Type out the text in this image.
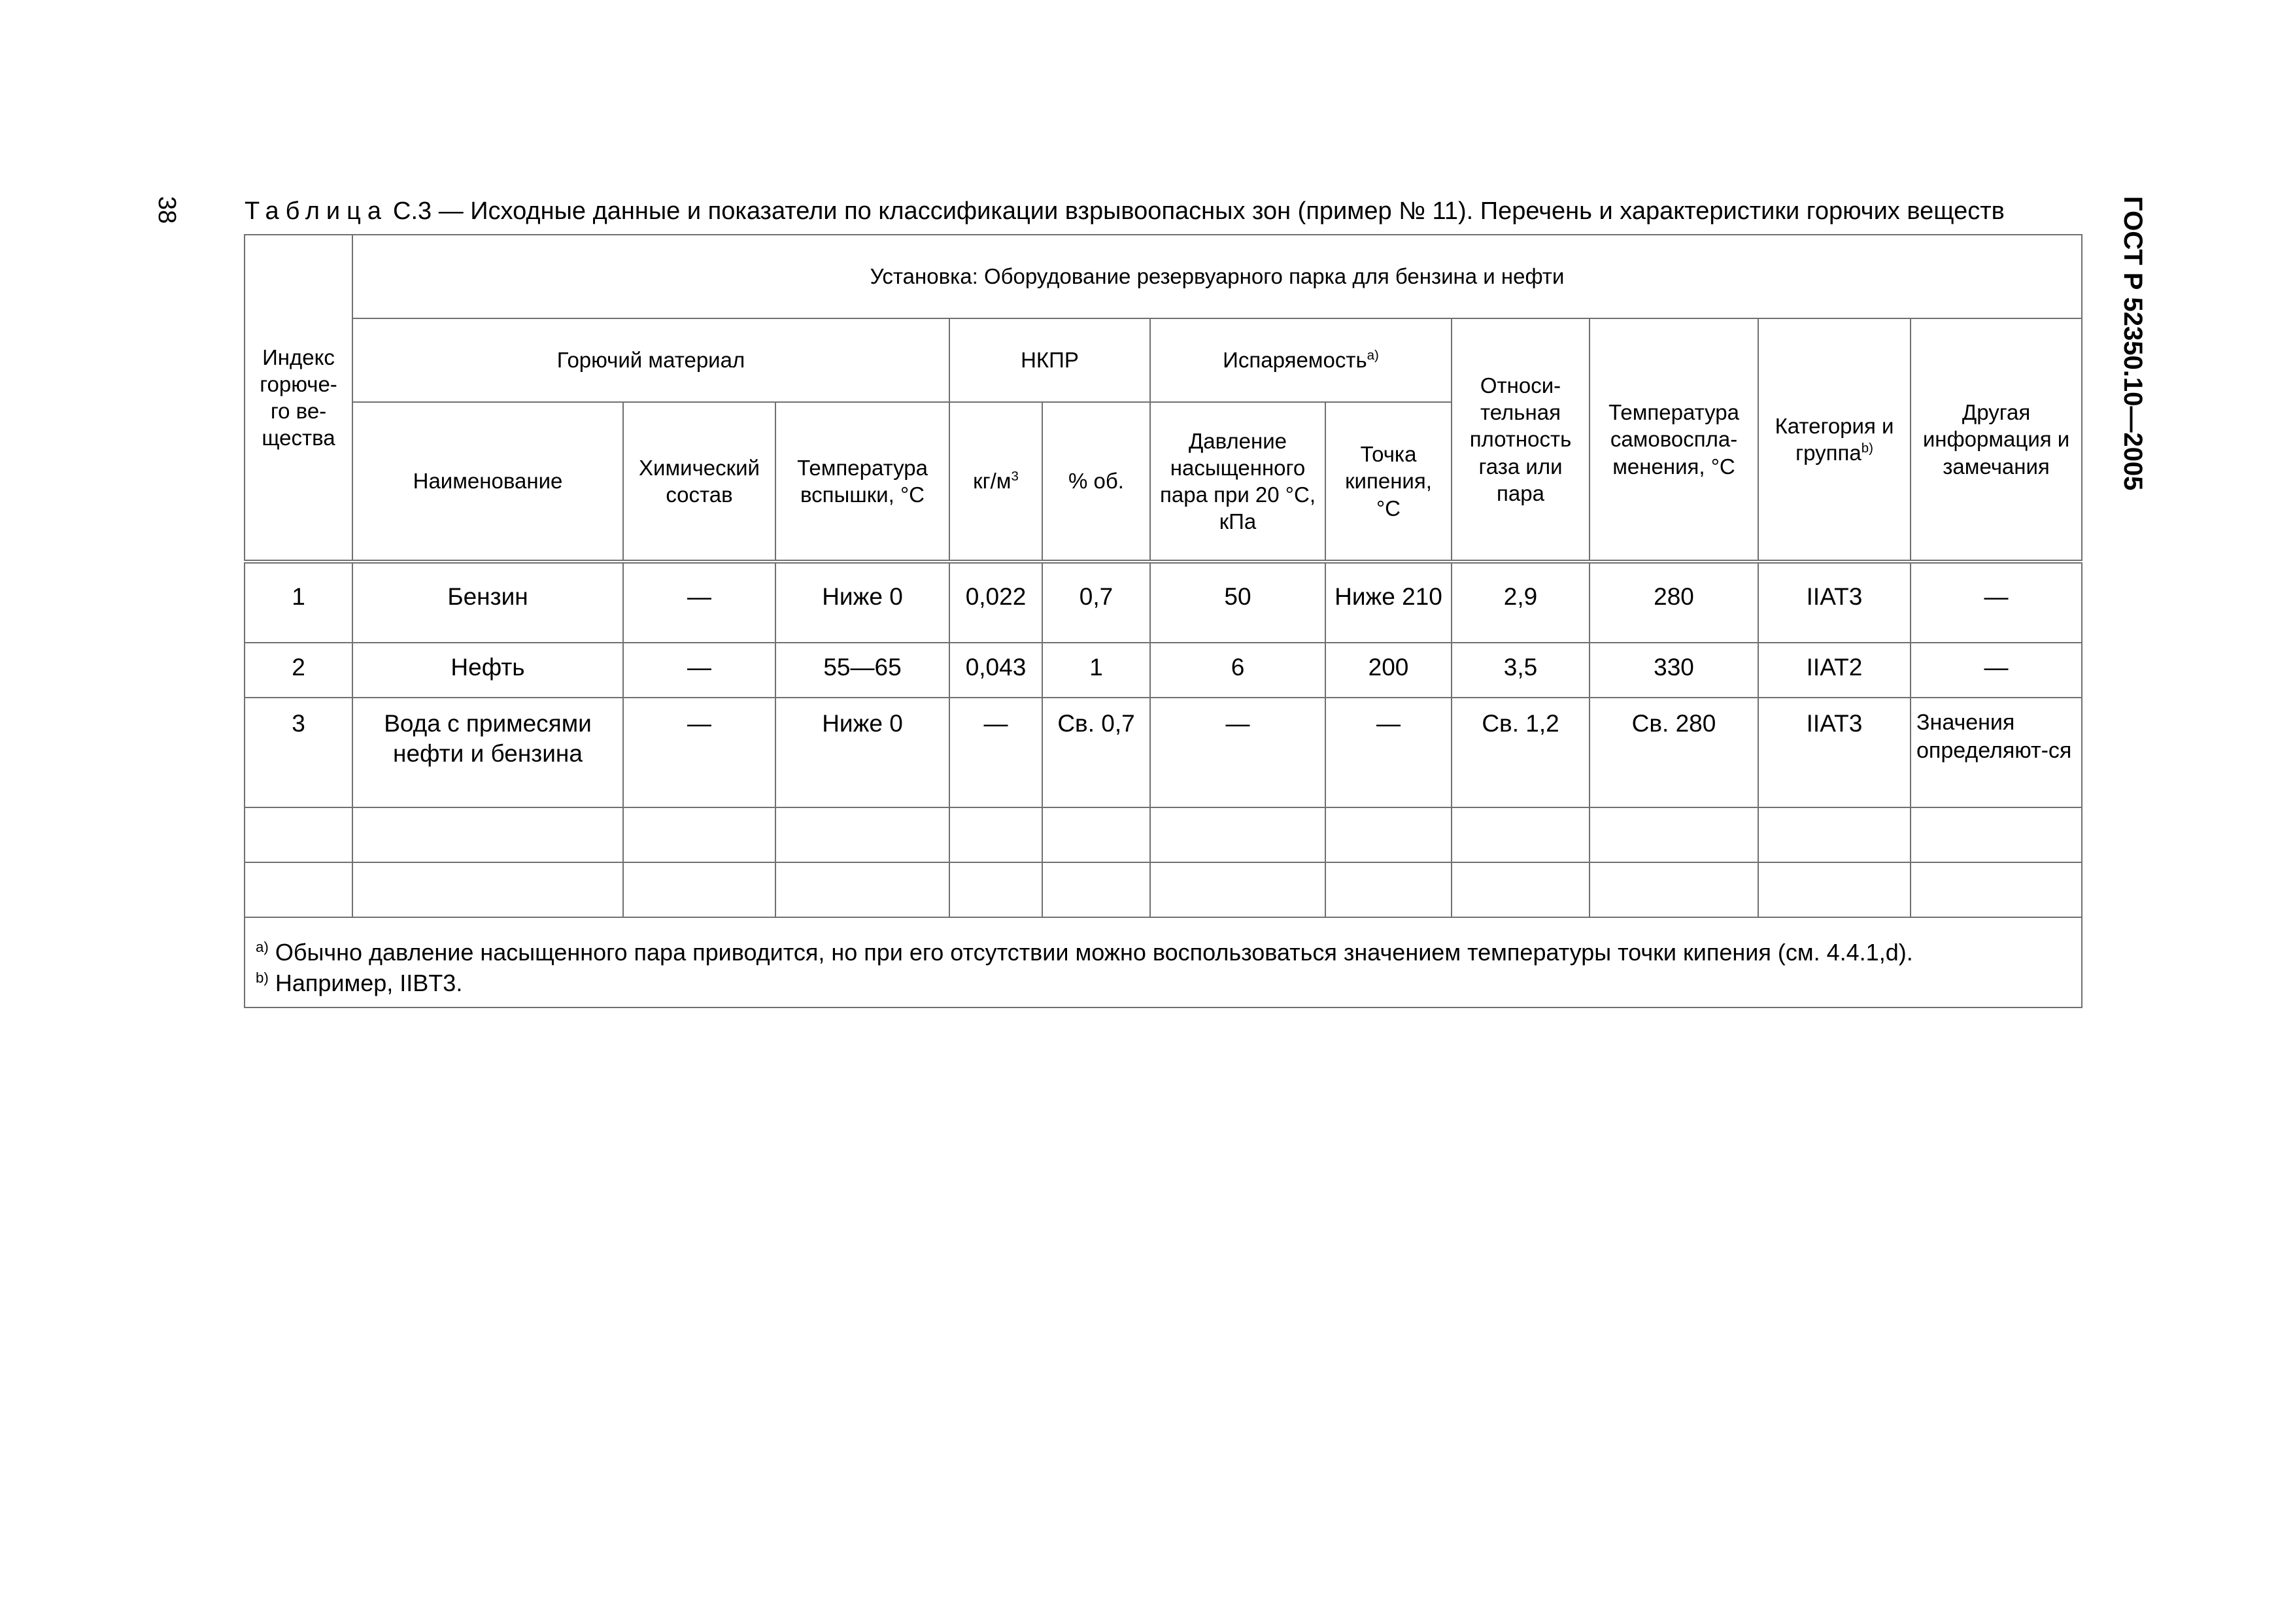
38	ГОСТ Р 52350.10—2005
Таблица C.3 — Исходные данные и показатели по классификации взрывоопасных зон (пример № 11). Перечень и характеристики горючих веществ
Индекс горюче-го ве-щества	Установка: Оборудование резервуарного парка для бензина и нефти										
	Горючий материал			НКПР		Испаряемость$^{a)}$		Относи-тельная плотность газа или пара	Температура самовоспла-менения, °С	Категория и группа$^{b)}$	Другая информация и замечания
	Наименование	Химический состав	Температура вспышки, °С	$кг/м^3$	% об.	Давление насыщенного пара при 20 °С, кПа	Точка кипения, °С				
1	Бензин	—	Ниже 0	0,022	0,7	50	Ниже 210	2,9	280	IIAT3	—
2	Нефть	—	55—65	0,043	1	6	200	3,5	330	IIAT2	—
3	Вода с примесями нефти и бензина	—	Ниже 0	—	Св. 0,7	—	—	Св. 1,2	Св. 280	IIAT3	Значения определяют-ся

$^{a)}$ Обычно давление насыщенного пара приводится, но при его отсутствии можно воспользоваться значением температуры точки кипения (см. 4.4.1,d).
$^{b)}$ Например, IIBT3.											
